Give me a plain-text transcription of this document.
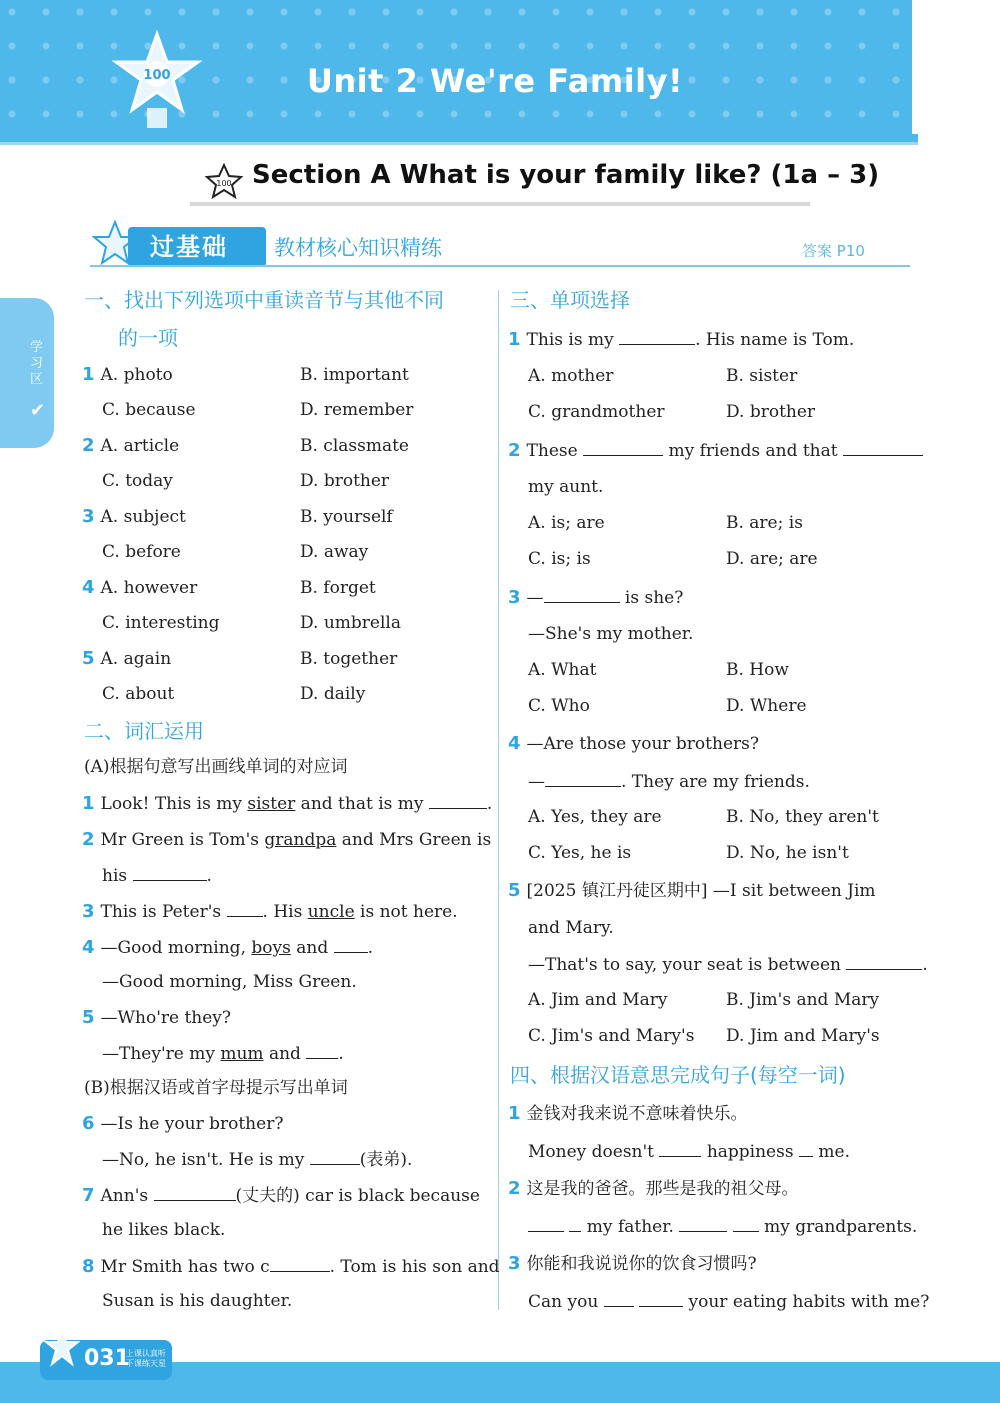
100	Unit 2 We're Family!
100 Section A What is your family like? (1a – 3)
过基础	教材核心知识精练	答案 P10
学习区
✔
一、找出下列选项中重读音节与其他不同
的一项
1 A. photo	B. important
C. because	D. remember
2 A. article	B. classmate
C. today	D. brother
3 A. subject	B. yourself
C. before	D. away
4 A. however	B. forget
C. interesting	D. umbrella
5 A. again	B. together
C. about	D. daily
二、词汇运用
(A)根据句意写出画线单词的对应词
1 Look! This is my sister and that is my	.
2 Mr Green is Tom's grandpa and Mrs Green is
his	.
3 This is Peter's . His uncle is not here.
4 —Good morning, boys and .
—Good morning, Miss Green.
5 —Who're they?
—They're my mum and .
(B)根据汉语或首字母提示写出单词
6 —Is he your brother?
—No, he isn't. He is my	(表弟).
7 Ann's	(丈夫的) car is black because
he likes black.
8 Mr Smith has two c	. Tom is his son and
Susan is his daughter.
三、单项选择
1 This is my	. His name is Tom.
A. mother	B. sister
C. grandmother	D. brother
2 These	my friends and that
my aunt.
A. is; are	B. are; is
C. is; is	D. are; are
3 —	is she?
—She's my mother.
A. What	B. How
C. Who	D. Where
4 —Are those your brothers?
—	. They are my friends.
A. Yes, they are	B. No, they aren't
C. Yes, he is	D. No, he isn't
5 [2025 镇江丹徒区期中] —I sit between Jim
and Mary.
—That's to say, your seat is between	.
A. Jim and Mary	B. Jim's and Mary
C. Jim's and Mary's D. Jim and Mary's
四、根据汉语意思完成句子(每空一词)
1 金钱对我来说不意味着快乐。
Money doesn't  happiness  me.
2 这是我的爸爸。那些是我的祖父母。
my father.	my grandparents.
3 你能和我说说你的饮食习惯吗?
Can you	your eating habits with me?
031
上课认真听 下课练天星
